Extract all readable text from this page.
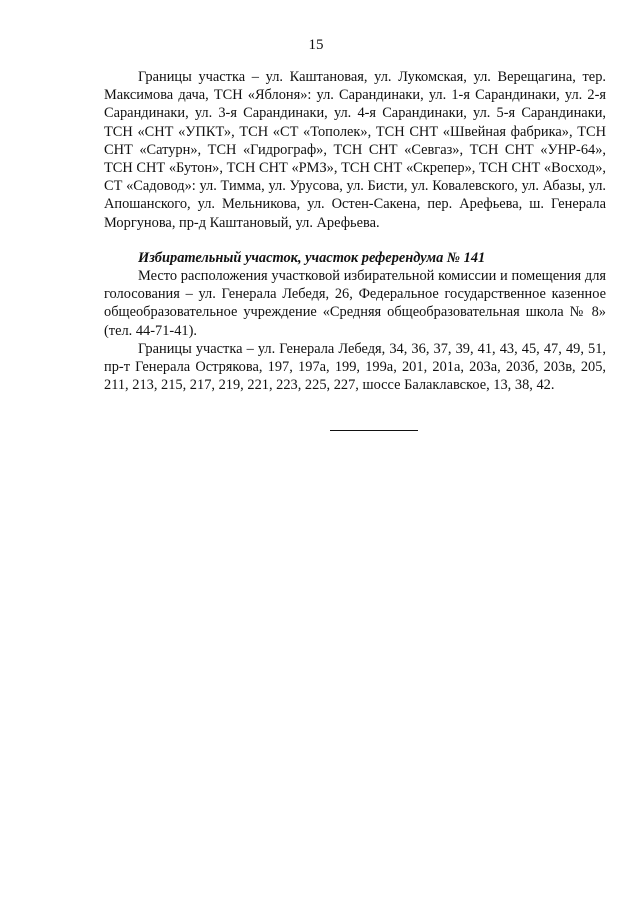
15

Границы участка – ул. Каштановая, ул. Лукомская, ул. Верещагина, тер. Максимова дача, ТСН «Яблоня»: ул. Сарандинаки, ул. 1-я Сарандинаки, ул. 2-я Сарандинаки, ул. 3-я Сарандинаки, ул. 4-я Сарандинаки, ул. 5-я Сарандинаки, ТСН «СНТ «УПКТ», ТСН «СТ «Тополек», ТСН СНТ «Швейная фабрика», ТСН СНТ «Сатурн», ТСН «Гидрограф», ТСН СНТ «Севгаз», ТСН СНТ «УНР-64», ТСН СНТ «Бутон», ТСН СНТ «РМЗ», ТСН СНТ «Скрепер», ТСН СНТ «Восход», СТ «Садовод»: ул. Тимма, ул. Урусова, ул. Бисти, ул. Ковалевского, ул. Абазы, ул. Апошанского, ул. Мельникова, ул. Остен-Сакена, пер. Арефьева, ш. Генерала Моргунова, пр-д Каштановый, ул. Арефьева.

Избирательный участок, участок референдума № 141

Место расположения участковой избирательной комиссии и помещения для голосования – ул. Генерала Лебедя, 26, Федеральное государственное казенное общеобразовательное учреждение «Средняя общеобразовательная школа № 8» (тел. 44-71-41).

Границы участка – ул. Генерала Лебедя, 34, 36, 37, 39, 41, 43, 45, 47, 49, 51, пр-т Генерала Острякова, 197, 197а, 199, 199а, 201, 201а, 203а, 203б, 203в, 205, 211, 213, 215, 217, 219, 221, 223, 225, 227, шоссе Балаклавское, 13, 38, 42.
